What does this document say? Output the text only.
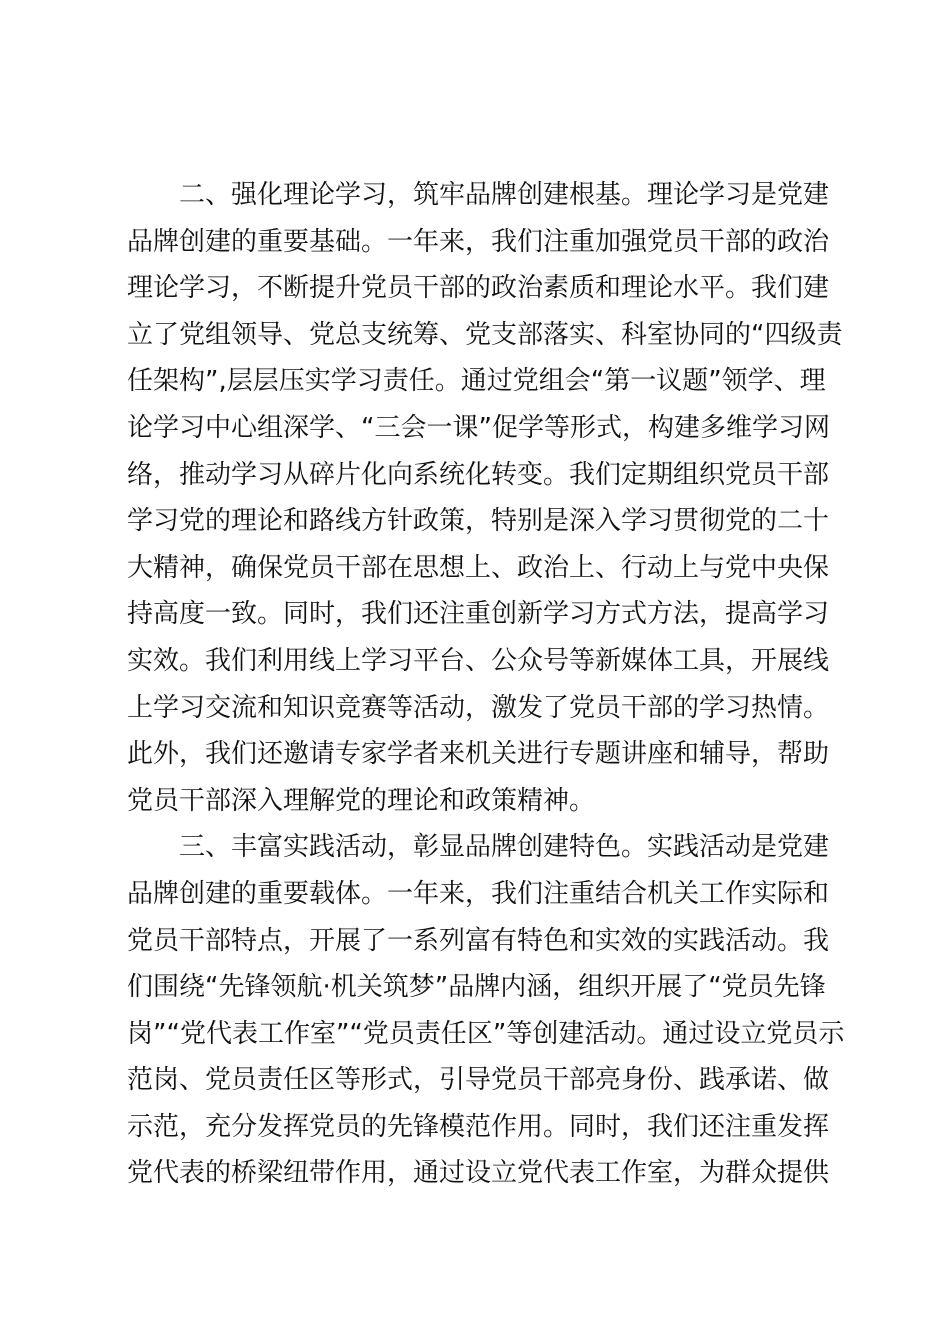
二、强化理论学习，筑牢品牌创建根基。理论学习是党建
品牌创建的重要基础。一年来，我们注重加强党员干部的政治
理论学习，不断提升党员干部的政治素质和理论水平。我们建
立了党组领导、党总支统筹、党支部落实、科室协同的“四级责
任架构”,层层压实学习责任。通过党组会“第一议题”领学、理
论学习中心组深学、“三会一课”促学等形式，构建多维学习网
络，推动学习从碎片化向系统化转变。我们定期组织党员干部
学习党的理论和路线方针政策，特别是深入学习贯彻党的二十
大精神，确保党员干部在思想上、政治上、行动上与党中央保
持高度一致。同时，我们还注重创新学习方式方法，提高学习
实效。我们利用线上学习平台、公众号等新媒体工具，开展线
上学习交流和知识竞赛等活动，激发了党员干部的学习热情。
此外，我们还邀请专家学者来机关进行专题讲座和辅导，帮助
党员干部深入理解党的理论和政策精神。
三、丰富实践活动，彰显品牌创建特色。实践活动是党建
品牌创建的重要载体。一年来，我们注重结合机关工作实际和
党员干部特点，开展了一系列富有特色和实效的实践活动。我
们围绕“先锋领航·机关筑梦”品牌内涵，组织开展了“党员先锋
岗”“党代表工作室”“党员责任区”等创建活动。通过设立党员示
范岗、党员责任区等形式，引导党员干部亮身份、践承诺、做
示范，充分发挥党员的先锋模范作用。同时，我们还注重发挥
党代表的桥梁纽带作用，通过设立党代表工作室，为群众提供
